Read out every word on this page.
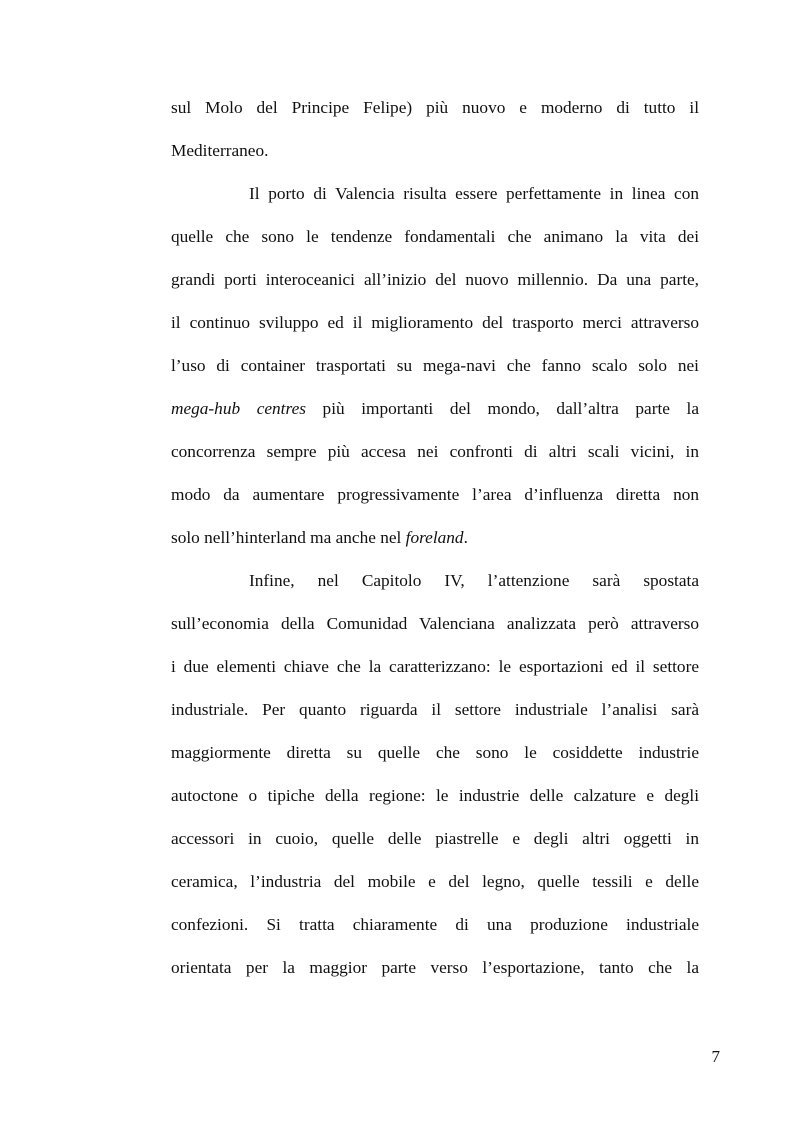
sul Molo del Principe Felipe) più nuovo e moderno di tutto il
Mediterraneo.
Il porto di Valencia risulta essere perfettamente in linea con
quelle che sono le tendenze fondamentali che animano la vita dei
grandi porti interoceanici all’inizio del nuovo millennio. Da una parte,
il continuo sviluppo ed il miglioramento del trasporto merci attraverso
l’uso di container trasportati su mega-navi che fanno scalo solo nei
mega-hub centres più importanti del mondo, dall’altra parte la
concorrenza sempre più accesa nei confronti di altri scali vicini, in
modo da aumentare progressivamente l’area d’influenza diretta non
solo nell’hinterland ma anche nel foreland.
Infine, nel Capitolo IV, l’attenzione sarà spostata
sull’economia della Comunidad Valenciana analizzata però attraverso
i due elementi chiave che la caratterizzano: le esportazioni ed il settore
industriale. Per quanto riguarda il settore industriale l’analisi sarà
maggiormente diretta su quelle che sono le cosiddette industrie
autoctone o tipiche della regione: le industrie delle calzature e degli
accessori in cuoio, quelle delle piastrelle e degli altri oggetti in
ceramica, l’industria del mobile e del legno, quelle tessili e delle
confezioni. Si tratta chiaramente di una produzione industriale
orientata per la maggior parte verso l’esportazione, tanto che la
7
